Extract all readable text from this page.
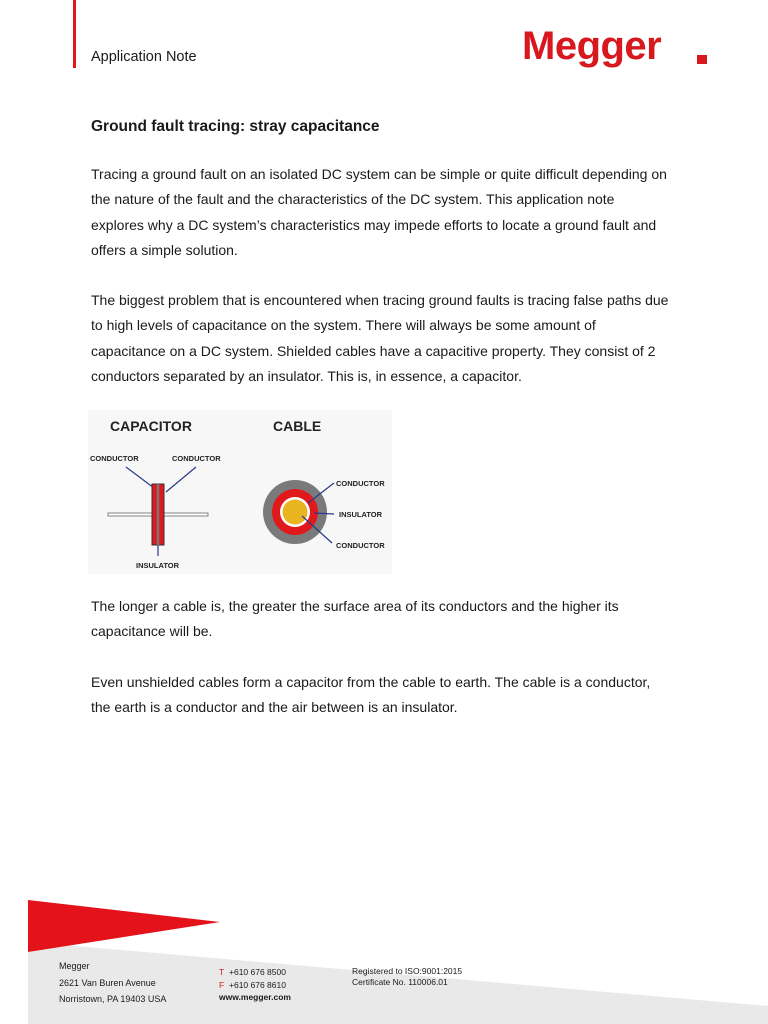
Application Note	Megger
Ground fault tracing: stray capacitance

Tracing a ground fault on an isolated DC system can be simple or quite difficult depending on the nature of the fault and the characteristics of the DC system. This application note explores why a DC system’s characteristics may impede efforts to locate a ground fault and offers a simple solution.

The biggest problem that is encountered when tracing ground faults is tracing false paths due to high levels of capacitance on the system. There will always be some amount of capacitance on a DC system. Shielded cables have a capacitive property. They consist of 2 conductors separated by an insulator. This is, in essence, a capacitor.

CAPACITOR
CONDUCTOR	CONDUCTOR
INSULATOR
CABLE
CONDUCTOR
INSULATOR
CONDUCTOR

The longer a cable is, the greater the surface area of its conductors and the higher its capacitance will be.

Even unshielded cables form a capacitor from the cable to earth. The cable is a conductor, the earth is a conductor and the air between is an insulator.

Megger
2621 Van Buren Avenue
Norristown, PA 19403 USA
T +610 676 8500
F +610 676 8610
www.megger.com
Registered to ISO:9001:2015
Certificate No. 110006.01
